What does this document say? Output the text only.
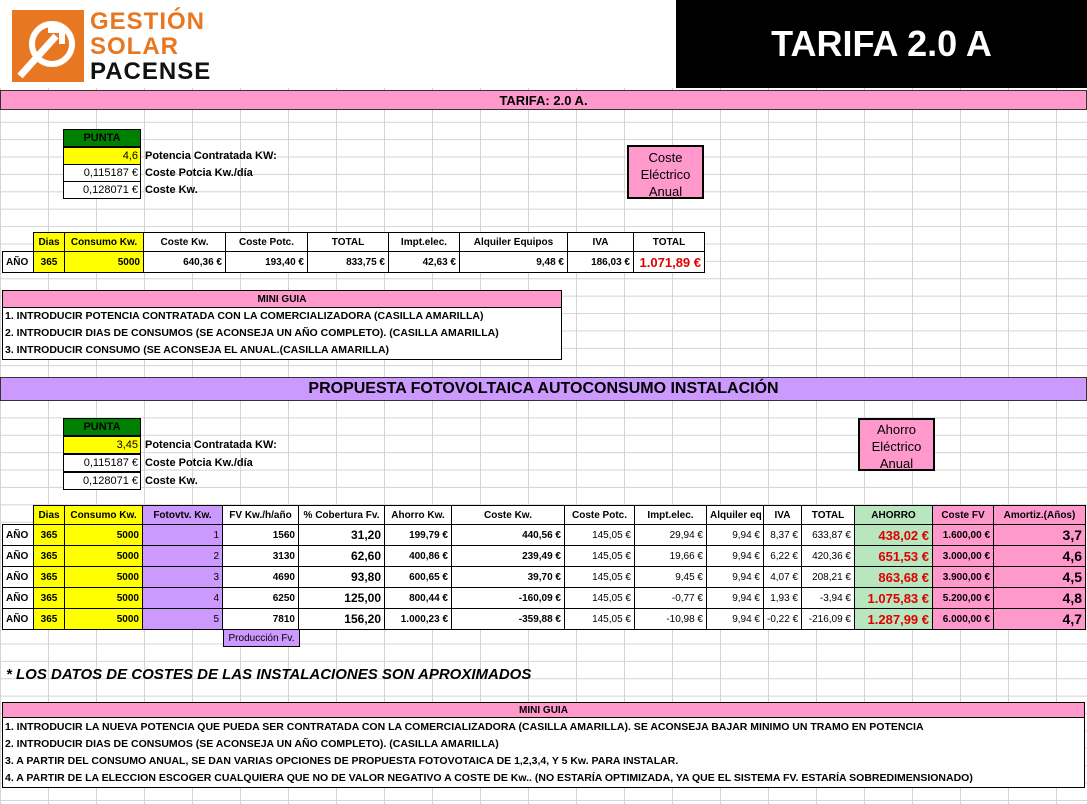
GESTIÓN
SOLAR
PACENSE
TARIFA 2.0 A
TARIFA: 2.0 A.
PUNTA
4,6 Potencia Contratada KW:
0,115187 € Coste Potcia Kw./día
0,128071 € Coste Kw.
Coste
Eléctrico
Anual
	Dias	Consumo Kw.	Coste Kw.	Coste Potc.	TOTAL	Impt.elec.	Alquiler Equipos	IVA	TOTAL
AÑO	365	5000	640,36 €	193,40 €	833,75 €	42,63 €	9,48 €	186,03 €	1.071,89 €
MINI GUIA
1. INTRODUCIR POTENCIA CONTRATADA CON LA COMERCIALIZADORA (CASILLA AMARILLA)
2. INTRODUCIR DIAS DE CONSUMOS (SE ACONSEJA UN AÑO COMPLETO). (CASILLA AMARILLA)
3. INTRODUCIR CONSUMO (SE ACONSEJA EL ANUAL.(CASILLA AMARILLA)
PROPUESTA FOTOVOLTAICA AUTOCONSUMO INSTALACIÓN
PUNTA
3,45 Potencia Contratada KW:
0,115187 € Coste Potcia Kw./día
0,128071 € Coste Kw.
Ahorro
Eléctrico
Anual
	Dias	Consumo Kw.	Fotovtv. Kw.	FV Kw./h/año	% Cobertura Fv.	Ahorro Kw.	Coste Kw.	Coste Potc.	Impt.elec.	Alquiler eq	IVA	TOTAL	AHORRO	Coste FV	Amortiz.(Años)
AÑO	365	5000	1	1560	31,20	199,79 €	440,56 €	145,05 €	29,94 €	9,94 €	8,37 €	633,87 €	438,02 €	1.600,00 €	3,7
AÑO	365	5000	2	3130	62,60	400,86 €	239,49 €	145,05 €	19,66 €	9,94 €	6,22 €	420,36 €	651,53 €	3.000,00 €	4,6
AÑO	365	5000	3	4690	93,80	600,65 €	39,70 €	145,05 €	9,45 €	9,94 €	4,07 €	208,21 €	863,68 €	3.900,00 €	4,5
AÑO	365	5000	4	6250	125,00	800,44 €	-160,09 €	145,05 €	-0,77 €	9,94 €	1,93 €	-3,94 €	1.075,83 €	5.200,00 €	4,8
AÑO	365	5000	5	7810	156,20	1.000,23 €	-359,88 €	145,05 €	-10,98 €	9,94 €	-0,22 €	-216,09 €	1.287,99 €	6.000,00 €	4,7
Producción Fv.
* LOS DATOS DE COSTES DE LAS INSTALACIONES SON APROXIMADOS
MINI GUIA
1. INTRODUCIR LA NUEVA POTENCIA QUE PUEDA SER CONTRATADA CON LA COMERCIALIZADORA (CASILLA AMARILLA). SE ACONSEJA BAJAR MINIMO UN TRAMO EN POTENCIA
2. INTRODUCIR DIAS DE CONSUMOS (SE ACONSEJA UN AÑO COMPLETO). (CASILLA AMARILLA)
3. A PARTIR DEL CONSUMO ANUAL, SE DAN VARIAS OPCIONES DE PROPUESTA FOTOVOTAICA DE 1,2,3,4, Y 5 Kw. PARA INSTALAR.
4. A PARTIR DE LA ELECCION ESCOGER CUALQUIERA QUE NO DE VALOR NEGATIVO A COSTE DE Kw.. (NO ESTARÍA OPTIMIZADA, YA QUE EL SISTEMA FV. ESTARÍA SOBREDIMENSIONADO)
